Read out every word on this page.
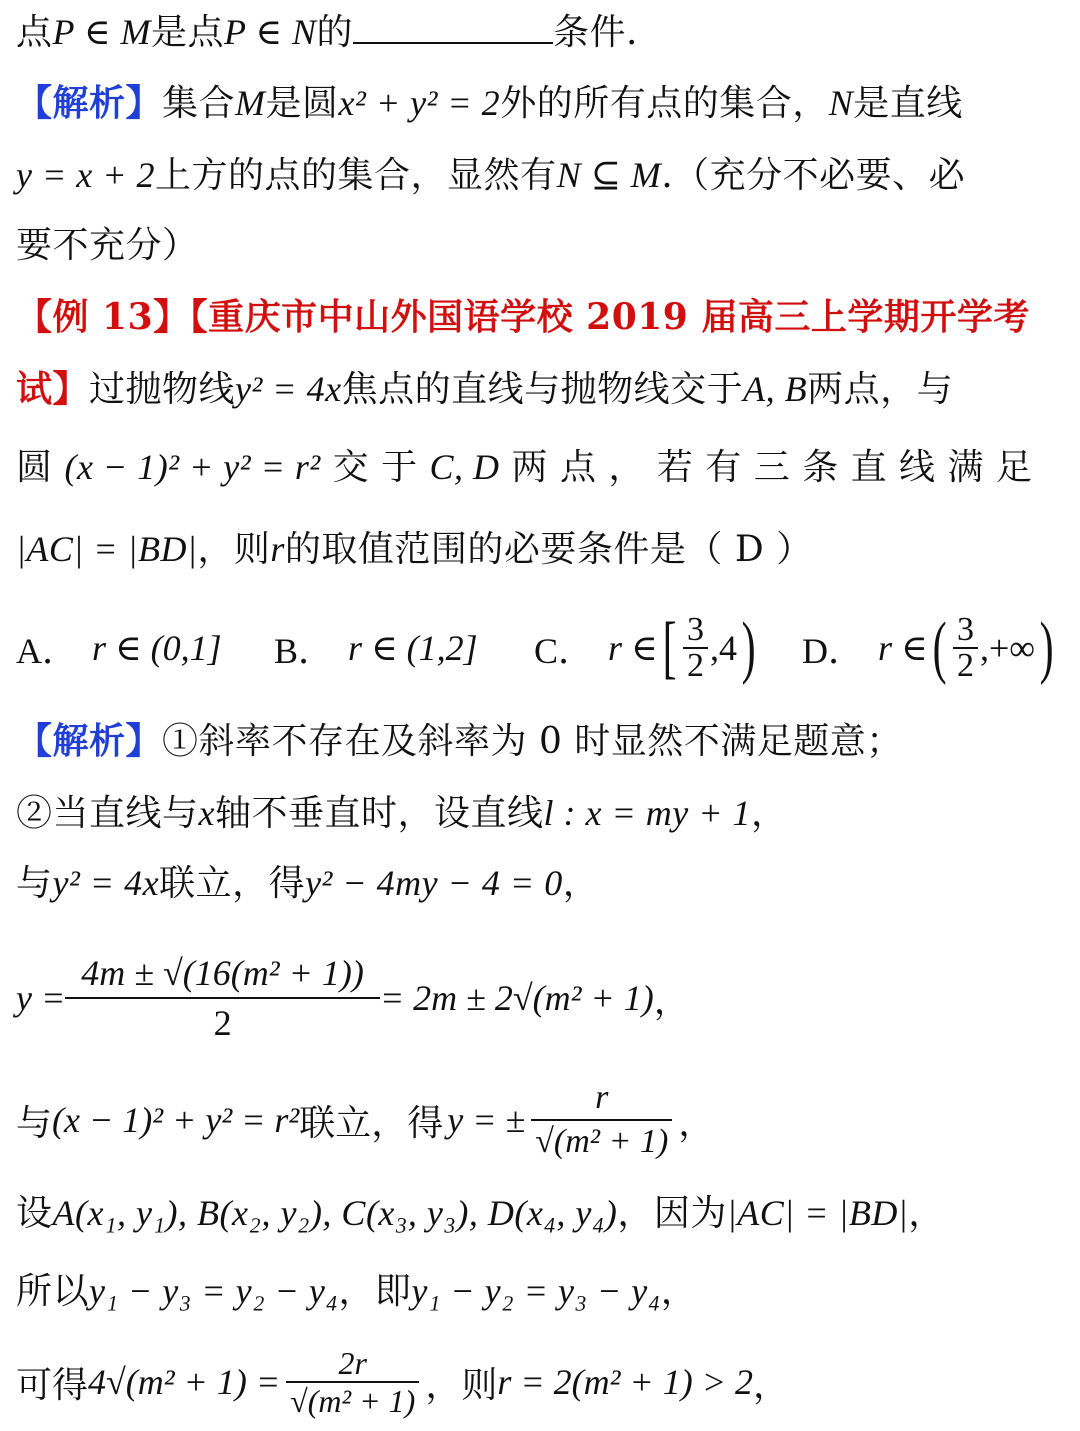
点P ∈ M是点P ∈ N的	条件.
【解析】集合M是圆x² + y² = 2外的所有点的集合，N是直线
y = x + 2上方的点的集合，显然有N ⊆ M.（充分不必要、必
要不充分）
【例 13】【重庆市中山外国语学校 2019 届高三上学期开学考
试】过抛物线y² = 4x焦点的直线与抛物线交于A, B两点，与
圆 (x − 1)² + y² = r² 交 于 C, D 两 点 ， 若 有 三 条 直 线 满 足
|AC| = |BD|，则r的取值范围的必要条件是（ D ）
A． r ∈ (0,1] B． r ∈ (1,2] C． r ∈ [ $\frac{3}{2} ,4$ ) D． r ∈ ( $\frac{3}{2}$ ,+∞ )
【解析】①斜率不存在及斜率为 0 时显然不满足题意；
②当直线与x轴不垂直时，设直线l : x = my + 1，
与y² = 4x联立，得y² − 4my − 4 = 0，
$y = \frac{\text{4m ± √(16(m² + 1))}}{2} = 2m \pm 2√(m^2 + 1)$ ，
与 (x − 1)² + y² = r² 联立，得 y = ± $\frac{r}{\text{√(m² + 1)}}$ ，
设A(x₁, y₁), B(x₂, y₂), C(x₃, y₃), D(x₄, y₄)，因为|AC| = |BD|，
所以y₁ − y₃ = y₂ − y₄，即y₁ − y₂ = y₃ − y₄，
可得 $4√(m^2 + 1) = \frac{2r}{\text{√(m² + 1)}}$ ，则 r = 2(m² + 1) > 2 ，
